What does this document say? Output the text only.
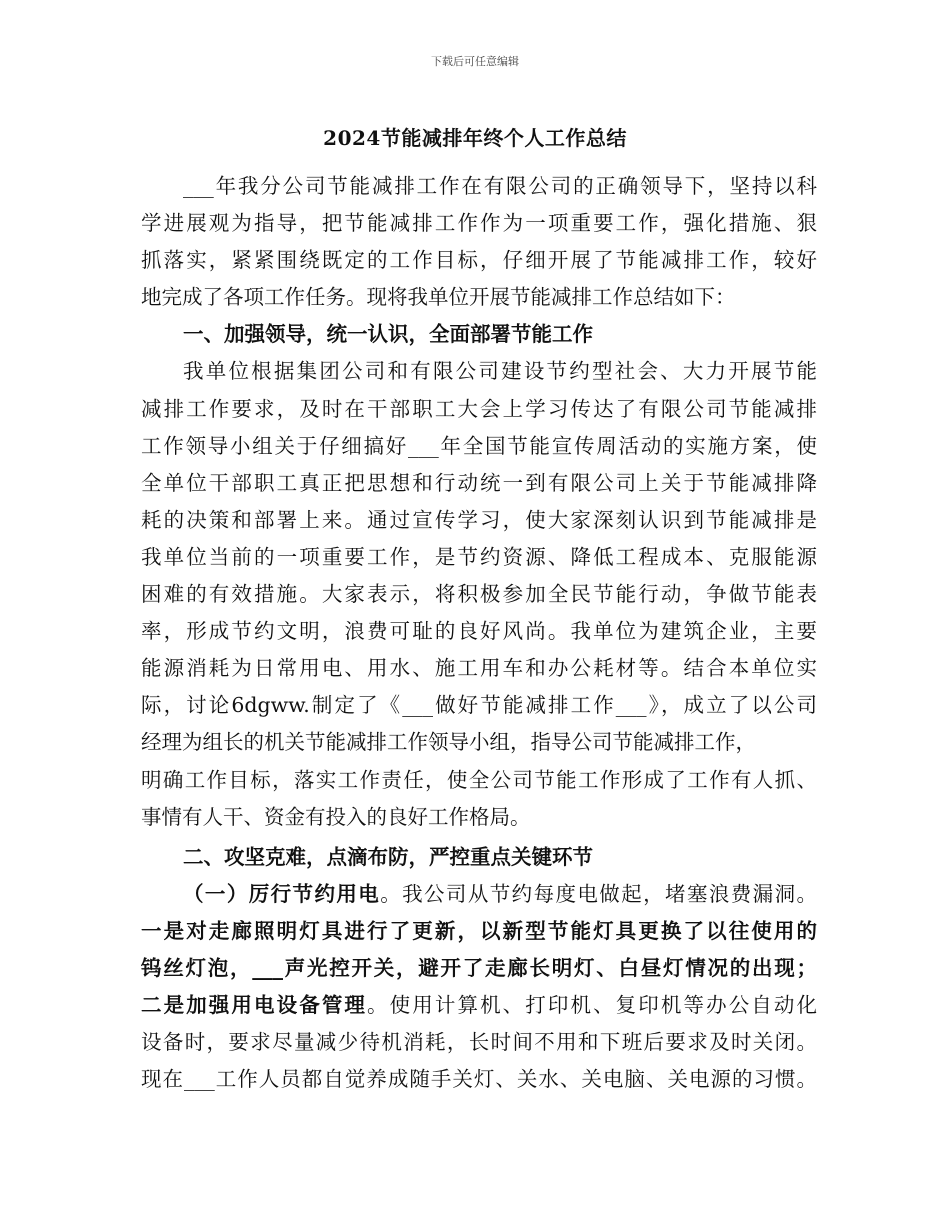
下载后可任意编辑
2024节能减排年终个人工作总结
___年我分公司节能减排工作在有限公司的正确领导下，坚持以科
学进展观为指导，把节能减排工作作为一项重要工作，强化措施、狠
抓落实，紧紧围绕既定的工作目标，仔细开展了节能减排工作，较好
地完成了各项工作任务。现将我单位开展节能减排工作总结如下：
一、加强领导，统一认识，全面部署节能工作
我单位根据集团公司和有限公司建设节约型社会、大力开展节能
减排工作要求，及时在干部职工大会上学习传达了有限公司节能减排
工作领导小组关于仔细搞好___年全国节能宣传周活动的实施方案，使
全单位干部职工真正把思想和行动统一到有限公司上关于节能减排降
耗的决策和部署上来。通过宣传学习，使大家深刻认识到节能减排是
我单位当前的一项重要工作，是节约资源、降低工程成本、克服能源
困难的有效措施。大家表示，将积极参加全民节能行动，争做节能表
率，形成节约文明，浪费可耻的良好风尚。我单位为建筑企业，主要
能源消耗为日常用电、用水、施工用车和办公耗材等。结合本单位实
际，讨论6dgww.制定了《___做好节能减排工作___》，成立了以公司
经理为组长的机关节能减排工作领导小组，指导公司节能减排工作，
明确工作目标，落实工作责任，使全公司节能工作形成了工作有人抓、
事情有人干、资金有投入的良好工作格局。
二、攻坚克难，点滴布防，严控重点关键环节
（一）厉行节约用电。我公司从节约每度电做起，堵塞浪费漏洞。
一是对走廊照明灯具进行了更新，以新型节能灯具更换了以往使用的
钨丝灯泡，___声光控开关，避开了走廊长明灯、白昼灯情况的出现；
二是加强用电设备管理。使用计算机、打印机、复印机等办公自动化
设备时，要求尽量减少待机消耗，长时间不用和下班后要求及时关闭。
现在___工作人员都自觉养成随手关灯、关水、关电脑、关电源的习惯。
